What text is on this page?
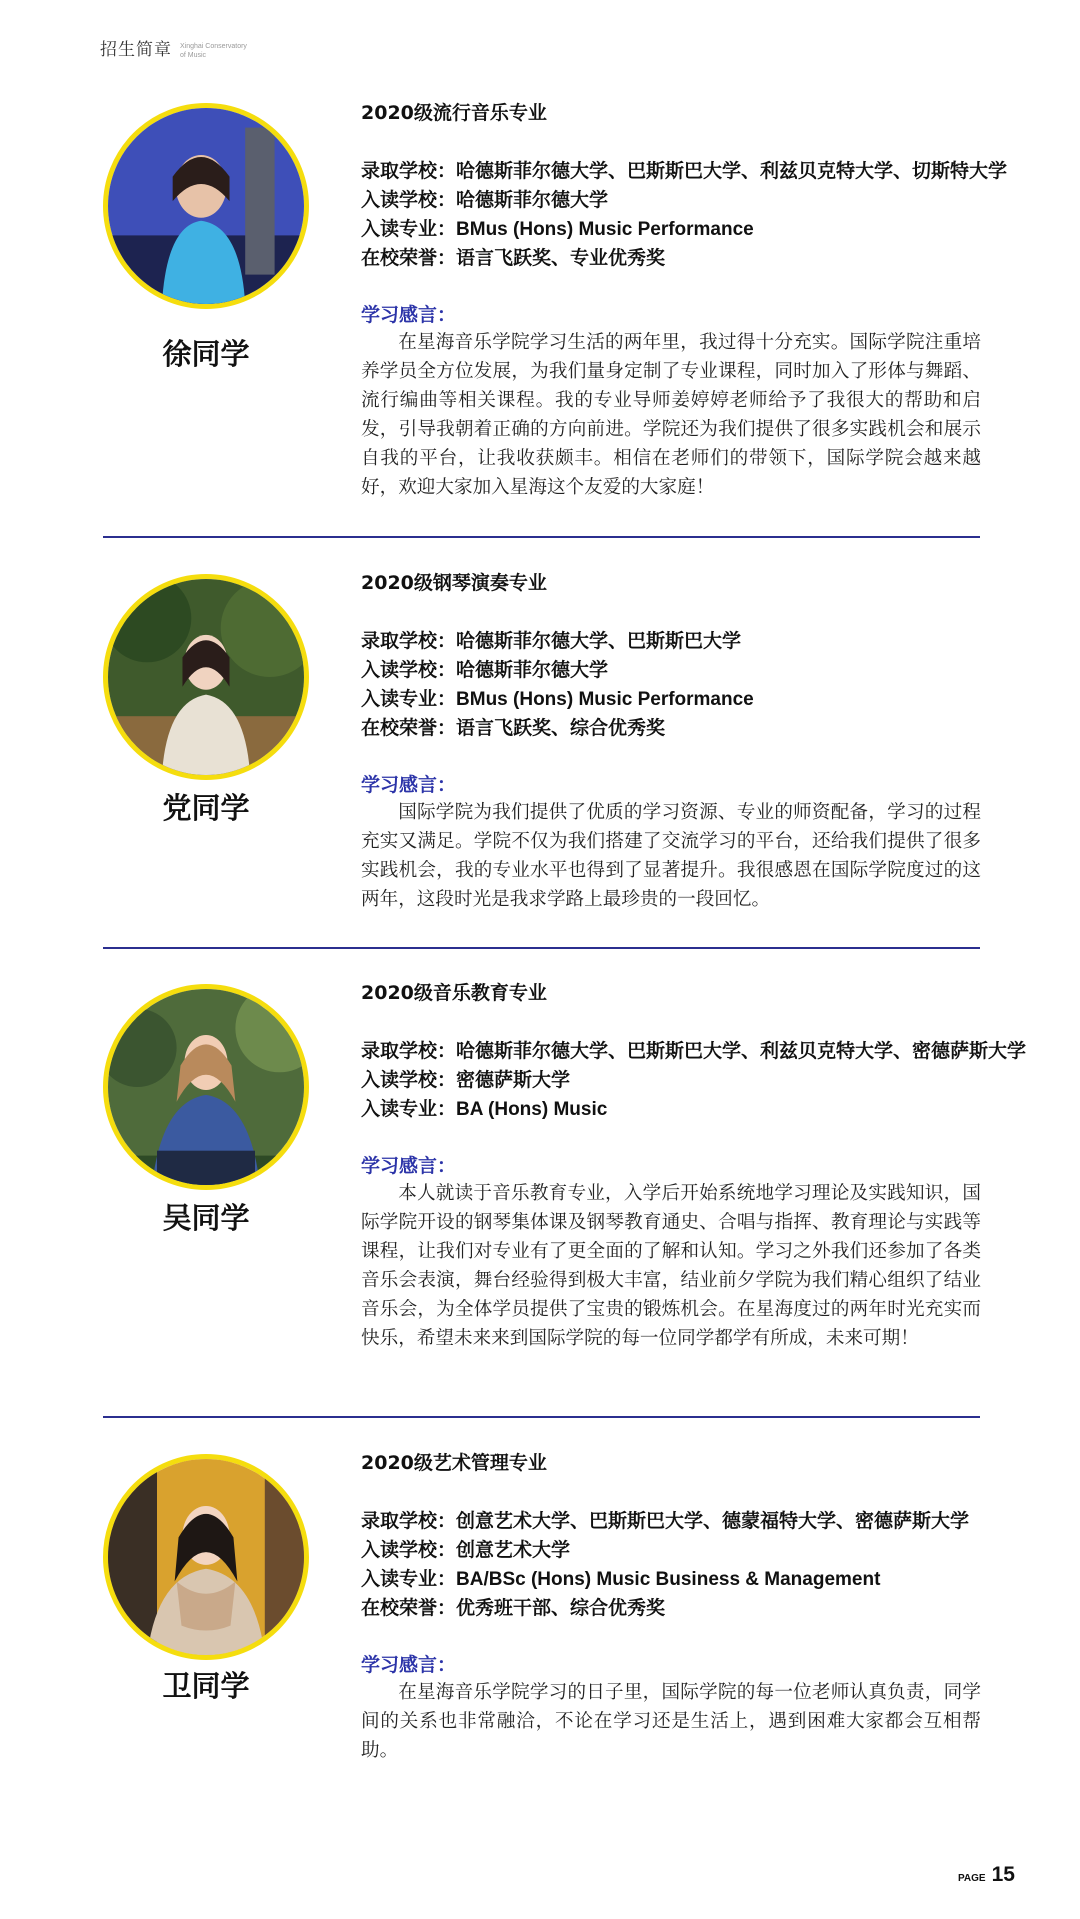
招生简章 Xinghai Conservatory
of Music
徐同学
2020级流行音乐专业
录取学校：哈德斯菲尔德大学、巴斯斯巴大学、利兹贝克特大学、切斯特大学
入读学校：哈德斯菲尔德大学
入读专业：BMus (Hons) Music Performance
在校荣誉：语言飞跃奖、专业优秀奖
学习感言：

在星海音乐学院学习生活的两年里，我过得十分充实。国际学院注重培养学员全方位发展，为我们量身定制了专业课程，同时加入了形体与舞蹈、流行编曲等相关课程。我的专业导师姜婷婷老师给予了我很大的帮助和启发，引导我朝着正确的方向前进。学院还为我们提供了很多实践机会和展示自我的平台，让我收获颇丰。相信在老师们的带领下，国际学院会越来越好，欢迎大家加入星海这个友爱的大家庭！

党同学
2020级钢琴演奏专业
录取学校：哈德斯菲尔德大学、巴斯斯巴大学
入读学校：哈德斯菲尔德大学
入读专业：BMus (Hons) Music Performance
在校荣誉：语言飞跃奖、综合优秀奖
学习感言：

国际学院为我们提供了优质的学习资源、专业的师资配备，学习的过程充实又满足。学院不仅为我们搭建了交流学习的平台，还给我们提供了很多实践机会，我的专业水平也得到了显著提升。我很感恩在国际学院度过的这两年，这段时光是我求学路上最珍贵的一段回忆。

吴同学
2020级音乐教育专业
录取学校：哈德斯菲尔德大学、巴斯斯巴大学、利兹贝克特大学、密德萨斯大学
入读学校：密德萨斯大学
入读专业：BA (Hons) Music
学习感言：

本人就读于音乐教育专业，入学后开始系统地学习理论及实践知识，国际学院开设的钢琴集体课及钢琴教育通史、合唱与指挥、教育理论与实践等课程，让我们对专业有了更全面的了解和认知。学习之外我们还参加了各类音乐会表演，舞台经验得到极大丰富，结业前夕学院为我们精心组织了结业音乐会，为全体学员提供了宝贵的锻炼机会。在星海度过的两年时光充实而快乐，希望未来来到国际学院的每一位同学都学有所成，未来可期！

卫同学
2020级艺术管理专业
录取学校：创意艺术大学、巴斯斯巴大学、德蒙福特大学、密德萨斯大学
入读学校：创意艺术大学
入读专业：BA/BSc (Hons) Music Business & Management
在校荣誉：优秀班干部、综合优秀奖
学习感言：

在星海音乐学院学习的日子里，国际学院的每一位老师认真负责，同学间的关系也非常融洽，不论在学习还是生活上，遇到困难大家都会互相帮助。

PAGE 15
